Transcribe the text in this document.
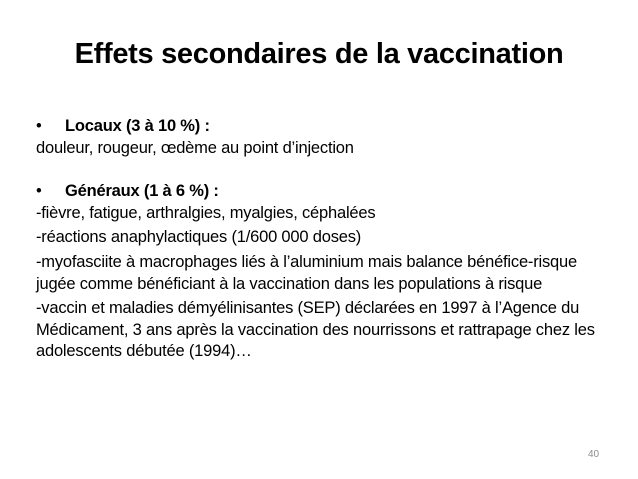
Effets secondaires de la vaccination
•	Locaux (3 à 10 %) :
douleur, rougeur, œdème au point d’injection
•	Généraux (1 à 6 %) :
-fièvre, fatigue, arthralgies, myalgies, céphalées
-réactions anaphylactiques (1/600 000 doses)
-myofasciite à macrophages liés à l’aluminium mais balance bénéfice-risque jugée comme bénéficiant à la vaccination dans les populations à risque
-vaccin et maladies démyélinisantes (SEP) déclarées en 1997 à l’Agence du Médicament, 3 ans après la vaccination des nourrissons et rattrapage chez les adolescents débutée (1994)…
40
